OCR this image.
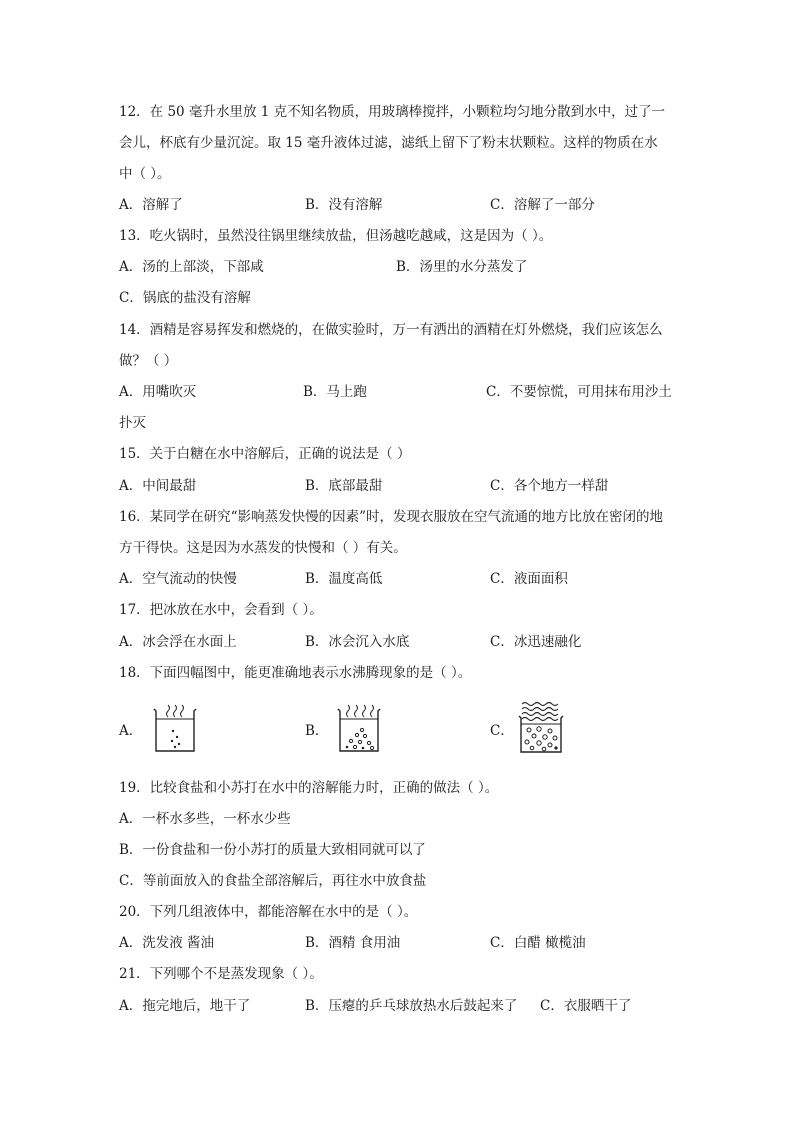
12．在 50 毫升水里放 1 克不知名物质，用玻璃棒搅拌，小颗粒均匀地分散到水中，过了一
会儿，杯底有少量沉淀。取 15 毫升液体过滤，滤纸上留下了粉末状颗粒。这样的物质在水
中（ ）。
A．溶解了	B．没有溶解	C．溶解了一部分
13．吃火锅时，虽然没往锅里继续放盐，但汤越吃越咸，这是因为（ ）。
A．汤的上部淡，下部咸	B．汤里的水分蒸发了
C．锅底的盐没有溶解
14．酒精是容易挥发和燃烧的，在做实验时，万一有洒出的酒精在灯外燃烧，我们应该怎么
做？（ ）
A．用嘴吹灭	B．马上跑	C．不要惊慌，可用抹布用沙土
扑灭
15．关于白糖在水中溶解后，正确的说法是（ ）
A．中间最甜	B．底部最甜	C．各个地方一样甜
16．某同学在研究“影响蒸发快慢的因素”时，发现衣服放在空气流通的地方比放在密闭的地
方干得快。这是因为水蒸发的快慢和（ ）有关。
A．空气流动的快慢	B．温度高低	C．液面面积
17．把冰放在水中，会看到（ ）。
A．冰会浮在水面上	B．冰会沉入水底	C．冰迅速融化
18．下面四幅图中，能更准确地表示水沸腾现象的是（ ）。
A．	B．	C．
19．比较食盐和小苏打在水中的溶解能力时，正确的做法（ ）。
A．一杯水多些，一杯水少些
B．一份食盐和一份小苏打的质量大致相同就可以了
C．等前面放入的食盐全部溶解后，再往水中放食盐
20．下列几组液体中，都能溶解在水中的是（ ）。
A．洗发液 酱油	B．酒精 食用油	C．白醋 橄榄油
21．下列哪个不是蒸发现象（ ）。
A．拖完地后，地干了	B．压瘪的乒乓球放热水后鼓起来了 C．衣服晒干了
